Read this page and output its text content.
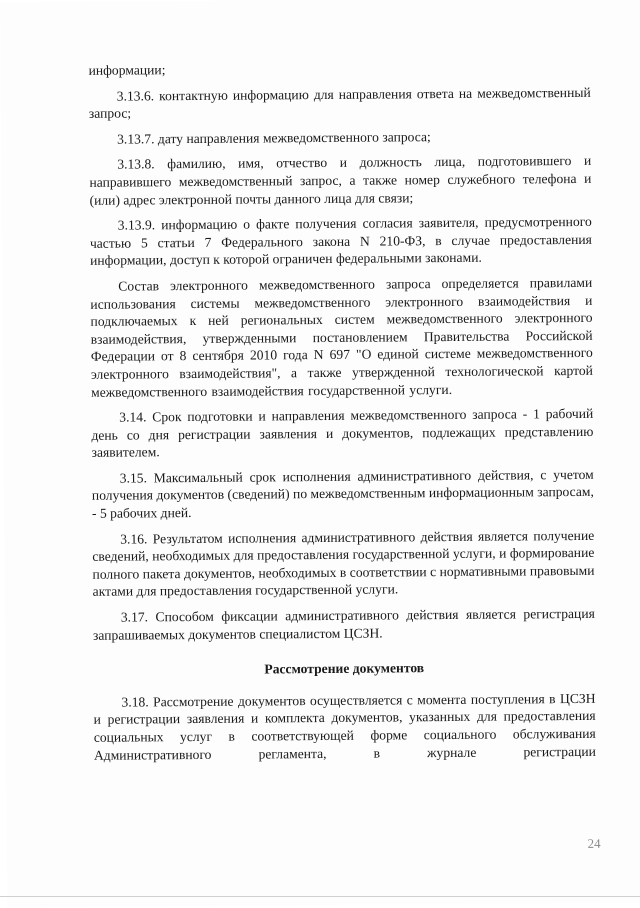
информации;

3.13.6. контактную информацию для направления ответа на межведомственный запрос;

3.13.7. дату направления межведомственного запроса;

3.13.8. фамилию, имя, отчество и должность лица, подготовившего и направившего межведомственный запрос, а также номер служебного телефона и (или) адрес электронной почты данного лица для связи;

3.13.9. информацию о факте получения согласия заявителя, предусмотренного частью 5 статьи 7 Федерального закона N 210-ФЗ, в случае предоставления информации, доступ к которой ограничен федеральными законами.

Состав электронного межведомственного запроса определяется правилами использования системы межведомственного электронного взаимодействия и подключаемых к ней региональных систем межведомственного электронного взаимодействия, утвержденными постановлением Правительства Российской Федерации от 8 сентября 2010 года N 697 "О единой системе межведомственного электронного взаимодействия", а также утвержденной технологической картой межведомственного взаимодействия государственной услуги.

3.14. Срок подготовки и направления межведомственного запроса - 1 рабочий день со дня регистрации заявления и документов, подлежащих представлению заявителем.

3.15. Максимальный срок исполнения административного действия, с учетом получения документов (сведений) по межведомственным информационным запросам, - 5 рабочих дней.

3.16. Результатом исполнения административного действия является получение сведений, необходимых для предоставления государственной услуги, и формирование полного пакета документов, необходимых в соответствии с нормативными правовыми актами для предоставления государственной услуги.

3.17. Способом фиксации административного действия является регистрация запрашиваемых документов специалистом ЦСЗН.

Рассмотрение документов

3.18. Рассмотрение документов осуществляется с момента поступления в ЦСЗН и регистрации заявления и комплекта документов, указанных для предоставления социальных услуг в соответствующей форме социального обслуживания Административного регламента, в журнале регистрации

24
